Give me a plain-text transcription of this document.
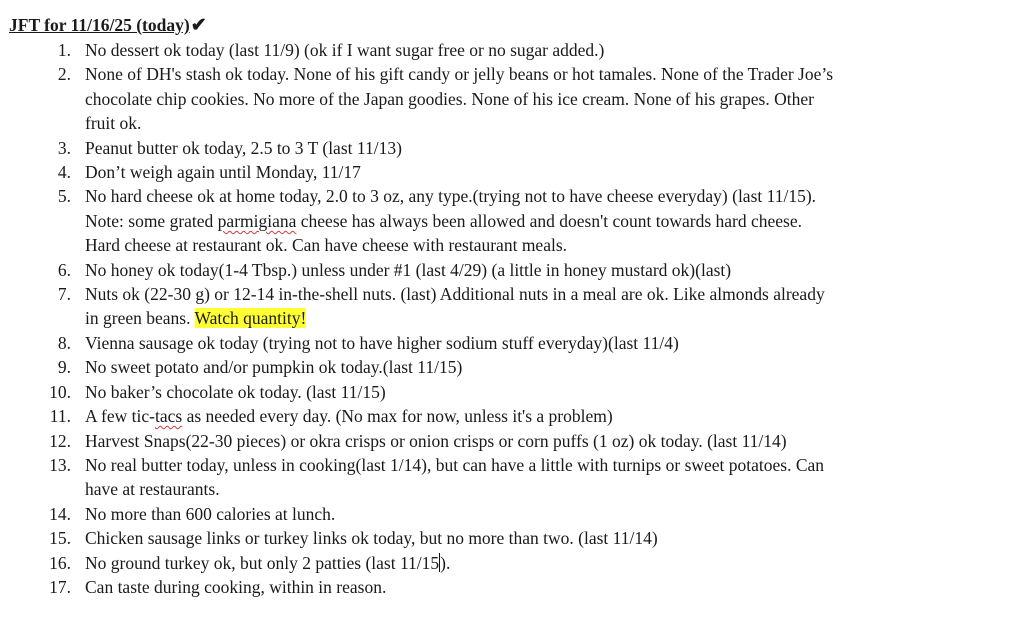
JFT for 11/16/25 (today)✔
1. No dessert ok today (last 11/9) (ok if I want sugar free or no sugar added.)
2. None of DH's stash ok today. None of his gift candy or jelly beans or hot tamales. None of the Trader Joe’s
chocolate chip cookies. No more of the Japan goodies. None of his ice cream. None of his grapes. Other
fruit ok.
3. Peanut butter ok today, 2.5 to 3 T (last 11/13)
4. Don’t weigh again until Monday, 11/17
5. No hard cheese ok at home today, 2.0 to 3 oz, any type.(trying not to have cheese everyday) (last 11/15).
Note: some grated parmigiana cheese has always been allowed and doesn't count towards hard cheese.
Hard cheese at restaurant ok. Can have cheese with restaurant meals.
6. No honey ok today(1-4 Tbsp.) unless under #1 (last 4/29) (a little in honey mustard ok)(last)
7. Nuts ok (22-30 g) or 12-14 in-the-shell nuts. (last) Additional nuts in a meal are ok. Like almonds already
in green beans. Watch quantity!
8. Vienna sausage ok today (trying not to have higher sodium stuff everyday)(last 11/4)
9. No sweet potato and/or pumpkin ok today.(last 11/15)
10. No baker’s chocolate ok today. (last 11/15)
11. A few tic-tacs as needed every day. (No max for now, unless it's a problem)
12. Harvest Snaps(22-30 pieces) or okra crisps or onion crisps or corn puffs (1 oz) ok today. (last 11/14)
13. No real butter today, unless in cooking(last 1/14), but can have a little with turnips or sweet potatoes. Can
have at restaurants.
14. No more than 600 calories at lunch.
15. Chicken sausage links or turkey links ok today, but no more than two. (last 11/14)
16. No ground turkey ok, but only 2 patties (last 11/15).
17. Can taste during cooking, within in reason.
